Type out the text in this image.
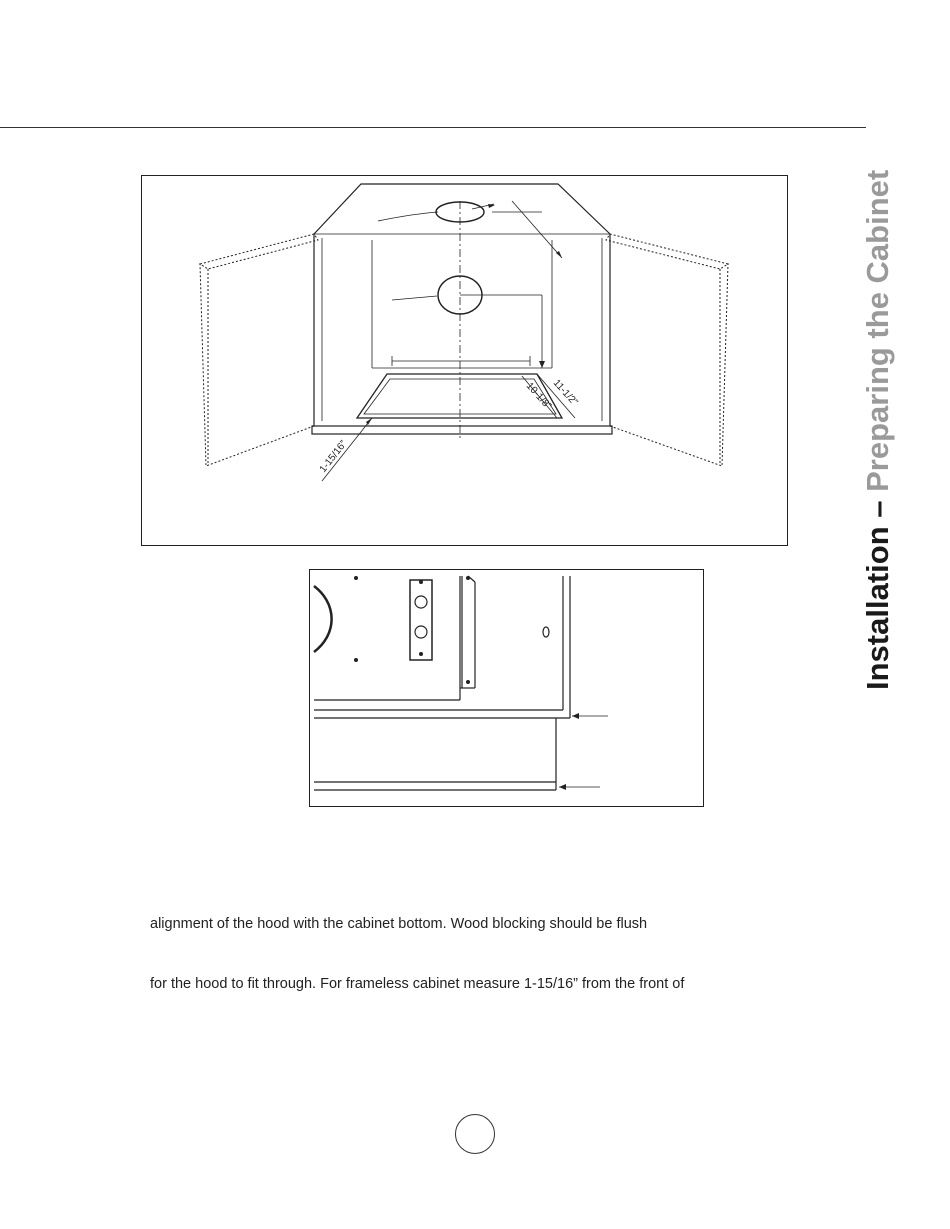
Installation – Preparing the Cabinet
11-1/2”
10-1/8”
1-15/16”
alignment of the hood with the cabinet bottom. Wood blocking should be flush
for the hood to fit through. For frameless cabinet measure 1-15/16” from the front of
